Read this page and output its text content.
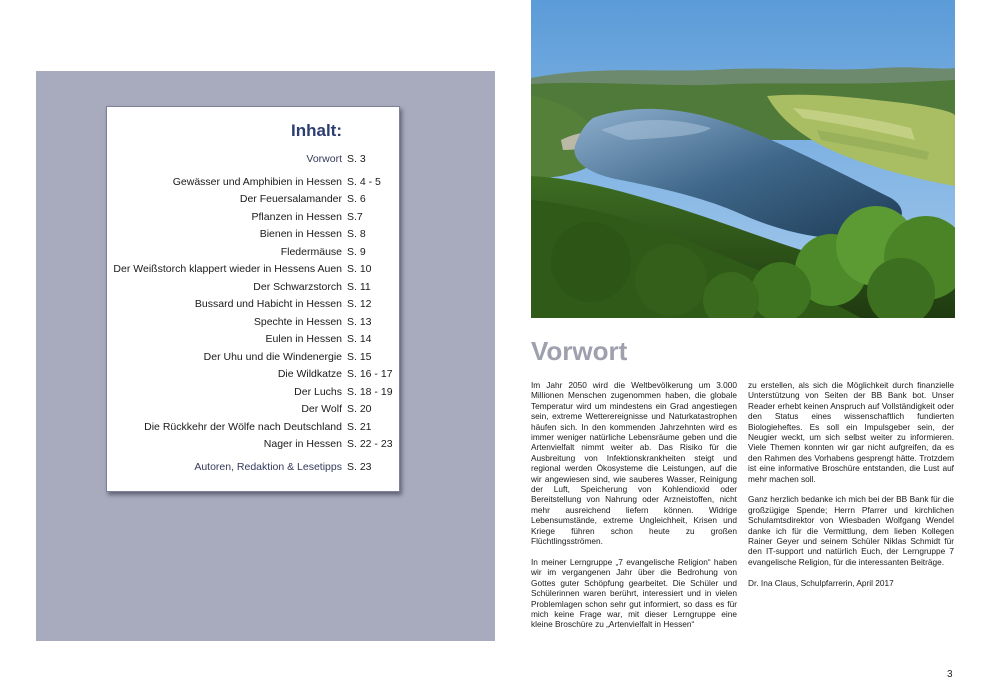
Inhalt:
Vorwort S. 3
Gewässer und Amphibien in Hessen S. 4 - 5
Der Feuersalamander S. 6
Pflanzen in Hessen S.7
Bienen in Hessen S. 8
Fledermäuse S. 9
Der Weißstorch klappert wieder in Hessens Auen S. 10
Der Schwarzstorch S. 11
Bussard und Habicht in Hessen S. 12
Spechte in Hessen S. 13
Eulen in Hessen S. 14
Der Uhu und die Windenergie S. 15
Die Wildkatze S. 16 - 17
Der Luchs S. 18 - 19
Der Wolf S. 20
Die Rückkehr der Wölfe nach Deutschland S. 21
Nager in Hessen S. 22 - 23
Autoren, Redaktion & Lesetipps S. 23
Vorwort

Im Jahr 2050 wird die Weltbevölkerung um 3.000 Millionen Menschen zugenommen haben, die globale Temperatur wird um mindestens ein Grad angestiegen sein, extreme Wetterereignisse und Naturkatastrophen häufen sich. In den kommenden Jahrzehnten wird es immer weniger natürliche Lebensräume geben und die Artenvielfalt nimmt weiter ab. Das Risiko für die Ausbreitung von Infektionskrankheiten steigt und regional werden Ökosysteme die Leistungen, auf die wir angewiesen sind, wie sauberes Wasser, Reinigung der Luft, Speicherung von Kohlendioxid oder Bereitstellung von Nahrung oder Arzneistoffen, nicht mehr ausreichend liefern können. Widrige Lebensumstände, extreme Ungleichheit, Krisen und Kriege führen schon heute zu großen Flüchtlingsströmen.

In meiner Lerngruppe „7 evangelische Religion“ haben wir im vergangenen Jahr über die Bedrohung von Gottes guter Schöpfung gearbeitet. Die Schüler und Schülerinnen waren berührt, interessiert und in vielen Problemlagen schon sehr gut informiert, so dass es für mich keine Frage war, mit dieser Lerngruppe eine kleine Broschüre zu „Artenvielfalt in Hessen“

zu erstellen, als sich die Möglichkeit durch finanzielle Unterstützung von Seiten der BB Bank bot. Unser Reader erhebt keinen Anspruch auf Vollständigkeit oder den Status eines wissenschaftlich fundierten Biologieheftes. Es soll ein Impulsgeber sein, der Neugier weckt, um sich selbst weiter zu informieren. Viele Themen konnten wir gar nicht aufgreifen, da es den Rahmen des Vorhabens gesprengt hätte. Trotzdem ist eine informative Broschüre entstanden, die Lust auf mehr machen soll.

Ganz herzlich bedanke ich mich bei der BB Bank für die großzügige Spende; Herrn Pfarrer und kirchlichen Schulamtsdirektor von Wiesbaden Wolfgang Wendel danke ich für die Vermittlung, dem lieben Kollegen Rainer Geyer und seinem Schüler Niklas Schmidt für den IT-support und natürlich Euch, der Lerngruppe 7 evangelische Religion, für die interessanten Beiträge.

Dr. Ina Claus, Schulpfarrerin, April 2017

3
